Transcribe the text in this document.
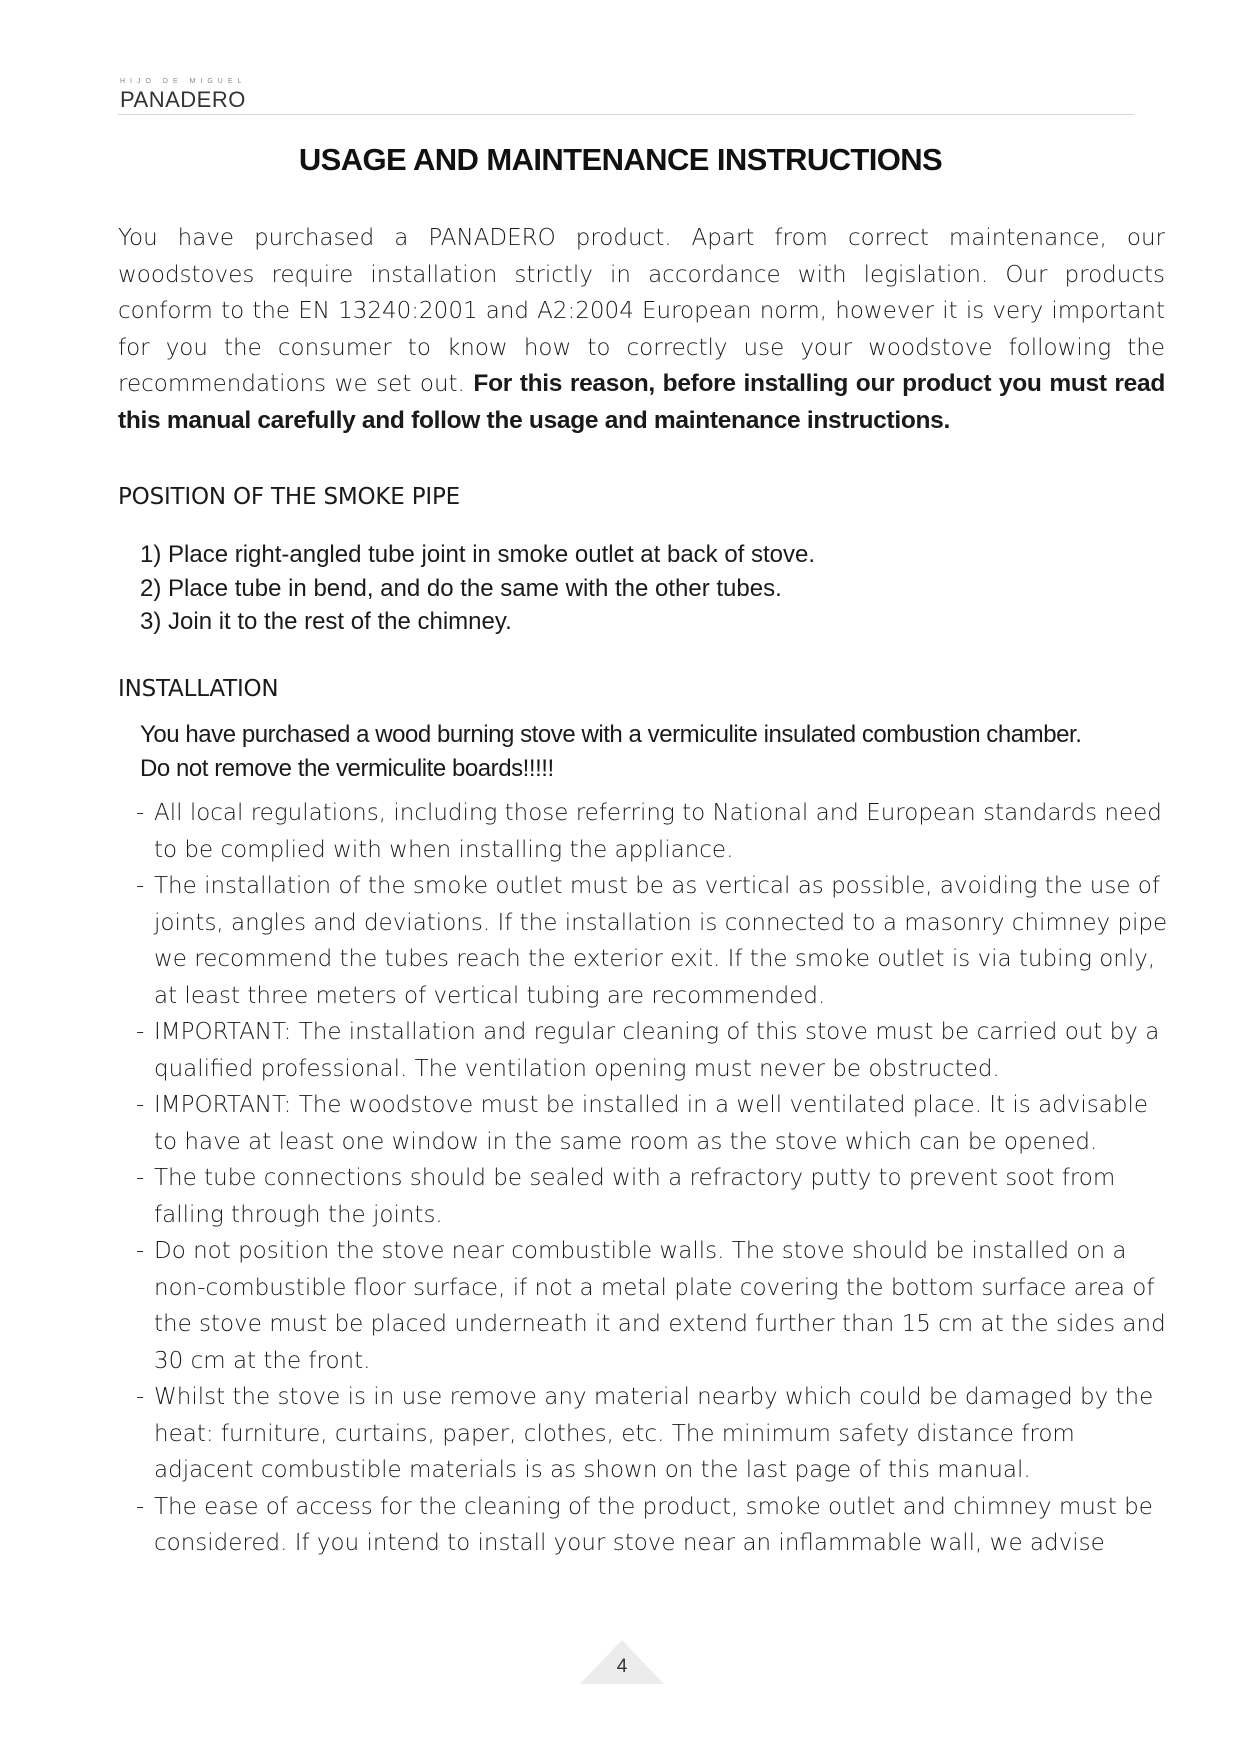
HIJO DE MIGUEL
PANADERO
USAGE AND MAINTENANCE INSTRUCTIONS

You have purchased a PANADERO product. Apart from correct maintenance, our woodstoves require installation strictly in accordance with legislation. Our products conform to the EN 13240:2001 and A2:2004 European norm, however it is very important for you the consumer to know how to correctly use your woodstove following the recommendations we set out. For this reason, before installing our product you must read this manual carefully and follow the usage and maintenance instructions.

POSITION OF THE SMOKE PIPE
1) Place right-angled tube joint in smoke outlet at back of stove.
2) Place tube in bend, and do the same with the other tubes.
3) Join it to the rest of the chimney.
INSTALLATION
You have purchased a wood burning stove with a vermiculite insulated combustion chamber.
Do not remove the vermiculite boards!!!!!
- All local regulations, including those referring to National and European standards need to be complied with when installing the appliance.
- The installation of the smoke outlet must be as vertical as possible, avoiding the use of joints, angles and deviations. If the installation is connected to a masonry chimney pipe we recommend the tubes reach the exterior exit. If the smoke outlet is via tubing only, at least three meters of vertical tubing are recommended.
- IMPORTANT: The installation and regular cleaning of this stove must be carried out by a qualified professional. The ventilation opening must never be obstructed.
- IMPORTANT: The woodstove must be installed in a well ventilated place. It is advisable to have at least one window in the same room as the stove which can be opened.
- The tube connections should be sealed with a refractory putty to prevent soot from falling through the joints.
- Do not position the stove near combustible walls. The stove should be installed on a non-combustible floor surface, if not a metal plate covering the bottom surface area of the stove must be placed underneath it and extend further than 15 cm at the sides and 30 cm at the front.
- Whilst the stove is in use remove any material nearby which could be damaged by the heat: furniture, curtains, paper, clothes, etc. The minimum safety distance from adjacent combustible materials is as shown on the last page of this manual.
- The ease of access for the cleaning of the product, smoke outlet and chimney must be considered. If you intend to install your stove near an inflammable wall, we advise
4
